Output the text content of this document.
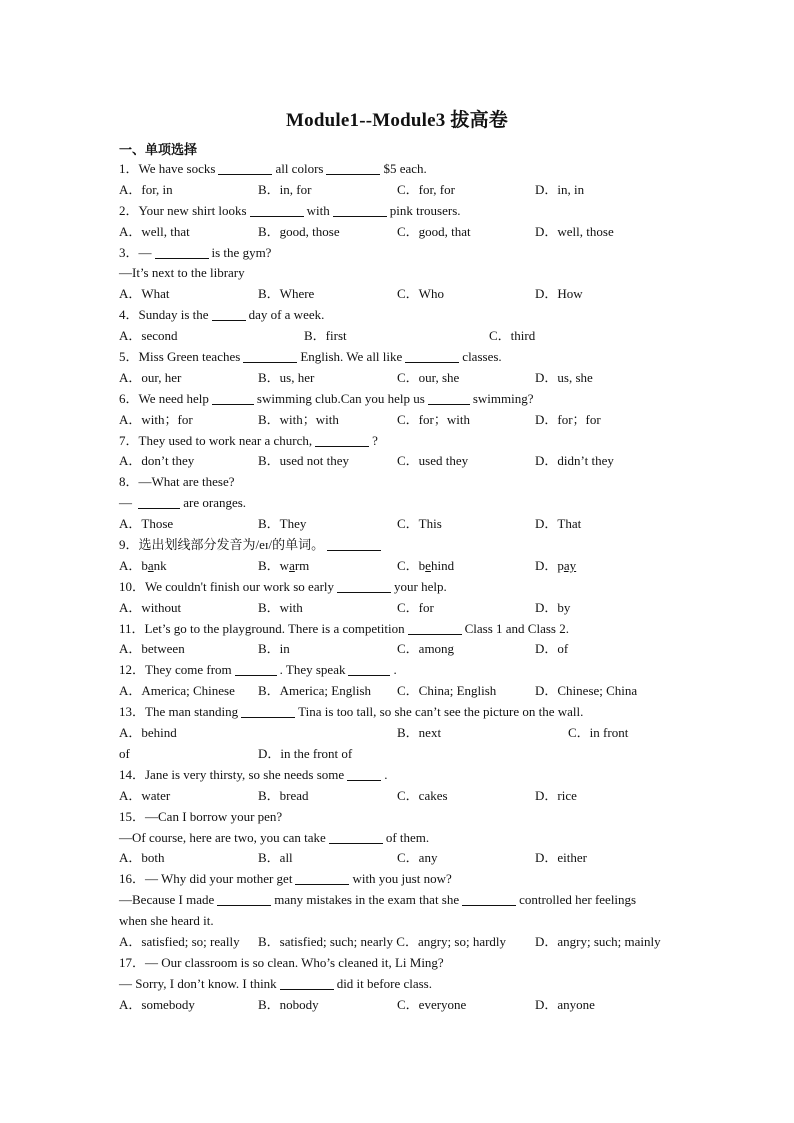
Module1--Module3 拔高卷
一、单项选择
1．We have socks	all colors	$5 each.
A．for, in	B．in, for	C．for, for	D．in, in
2．Your new shirt looks	with	pink trousers.
A．well, that	B．good, those	C．good, that	D．well, those
3．—	is the gym?
—It’s next to the library
A．What	B．Where	C．Who	D．How
4．Sunday is the	day of a week.
A．second	B．first	C．third
5．Miss Green teaches	English. We all like	classes.
A．our, her	B．us, her	C．our, she	D．us, she
6．We need help	swimming club.Can you help us	swimming?
A．with；for	B．with；with	C．for；with	D．for；for
7．They used to work near a church,	?
A．don’t they	B．used not they	C．used they	D．didn’t they
8．—What are these?
—	are oranges.
A．Those	B．They	C．This	D．That
9．选出划线部分发音为/eɪ/的单词。
A．bank	B．warm	C．behind	D．pay
10．We couldn't finish our work so early	your help.
A．without	B．with	C．for	D．by
11．Let’s go to the playground. There is a competition	Class 1 and Class 2.
A．between	B．in	C．among	D．of
12．They come from	. They speak	.
A．America; Chinese B．America; English C．China; English	D．Chinese; China
13．The man standing	Tina is too tall, so she can’t see the picture on the wall.
A．behind	B．next	C．in front
of	D．in the front of
14．Jane is very thirsty, so she needs some	.
A．water	B．bread	C．cakes	D．rice
15．—Can I borrow your pen?
—Of course, here are two, you can take	of them.
A．both	B．all	C．any	D．either
16．— Why did your mother get	with you just now?
—Because I made	many mistakes in the exam that she	controlled her feelings
when she heard it.
A．satisfied; so; really B．satisfied; such; nearly C．angry; so; hardly D．angry; such; mainly
17．— Our classroom is so clean. Who’s cleaned it, Li Ming?
— Sorry, I don’t know. I think	did it before class.
A．somebody	B．nobody	C．everyone	D．anyone
